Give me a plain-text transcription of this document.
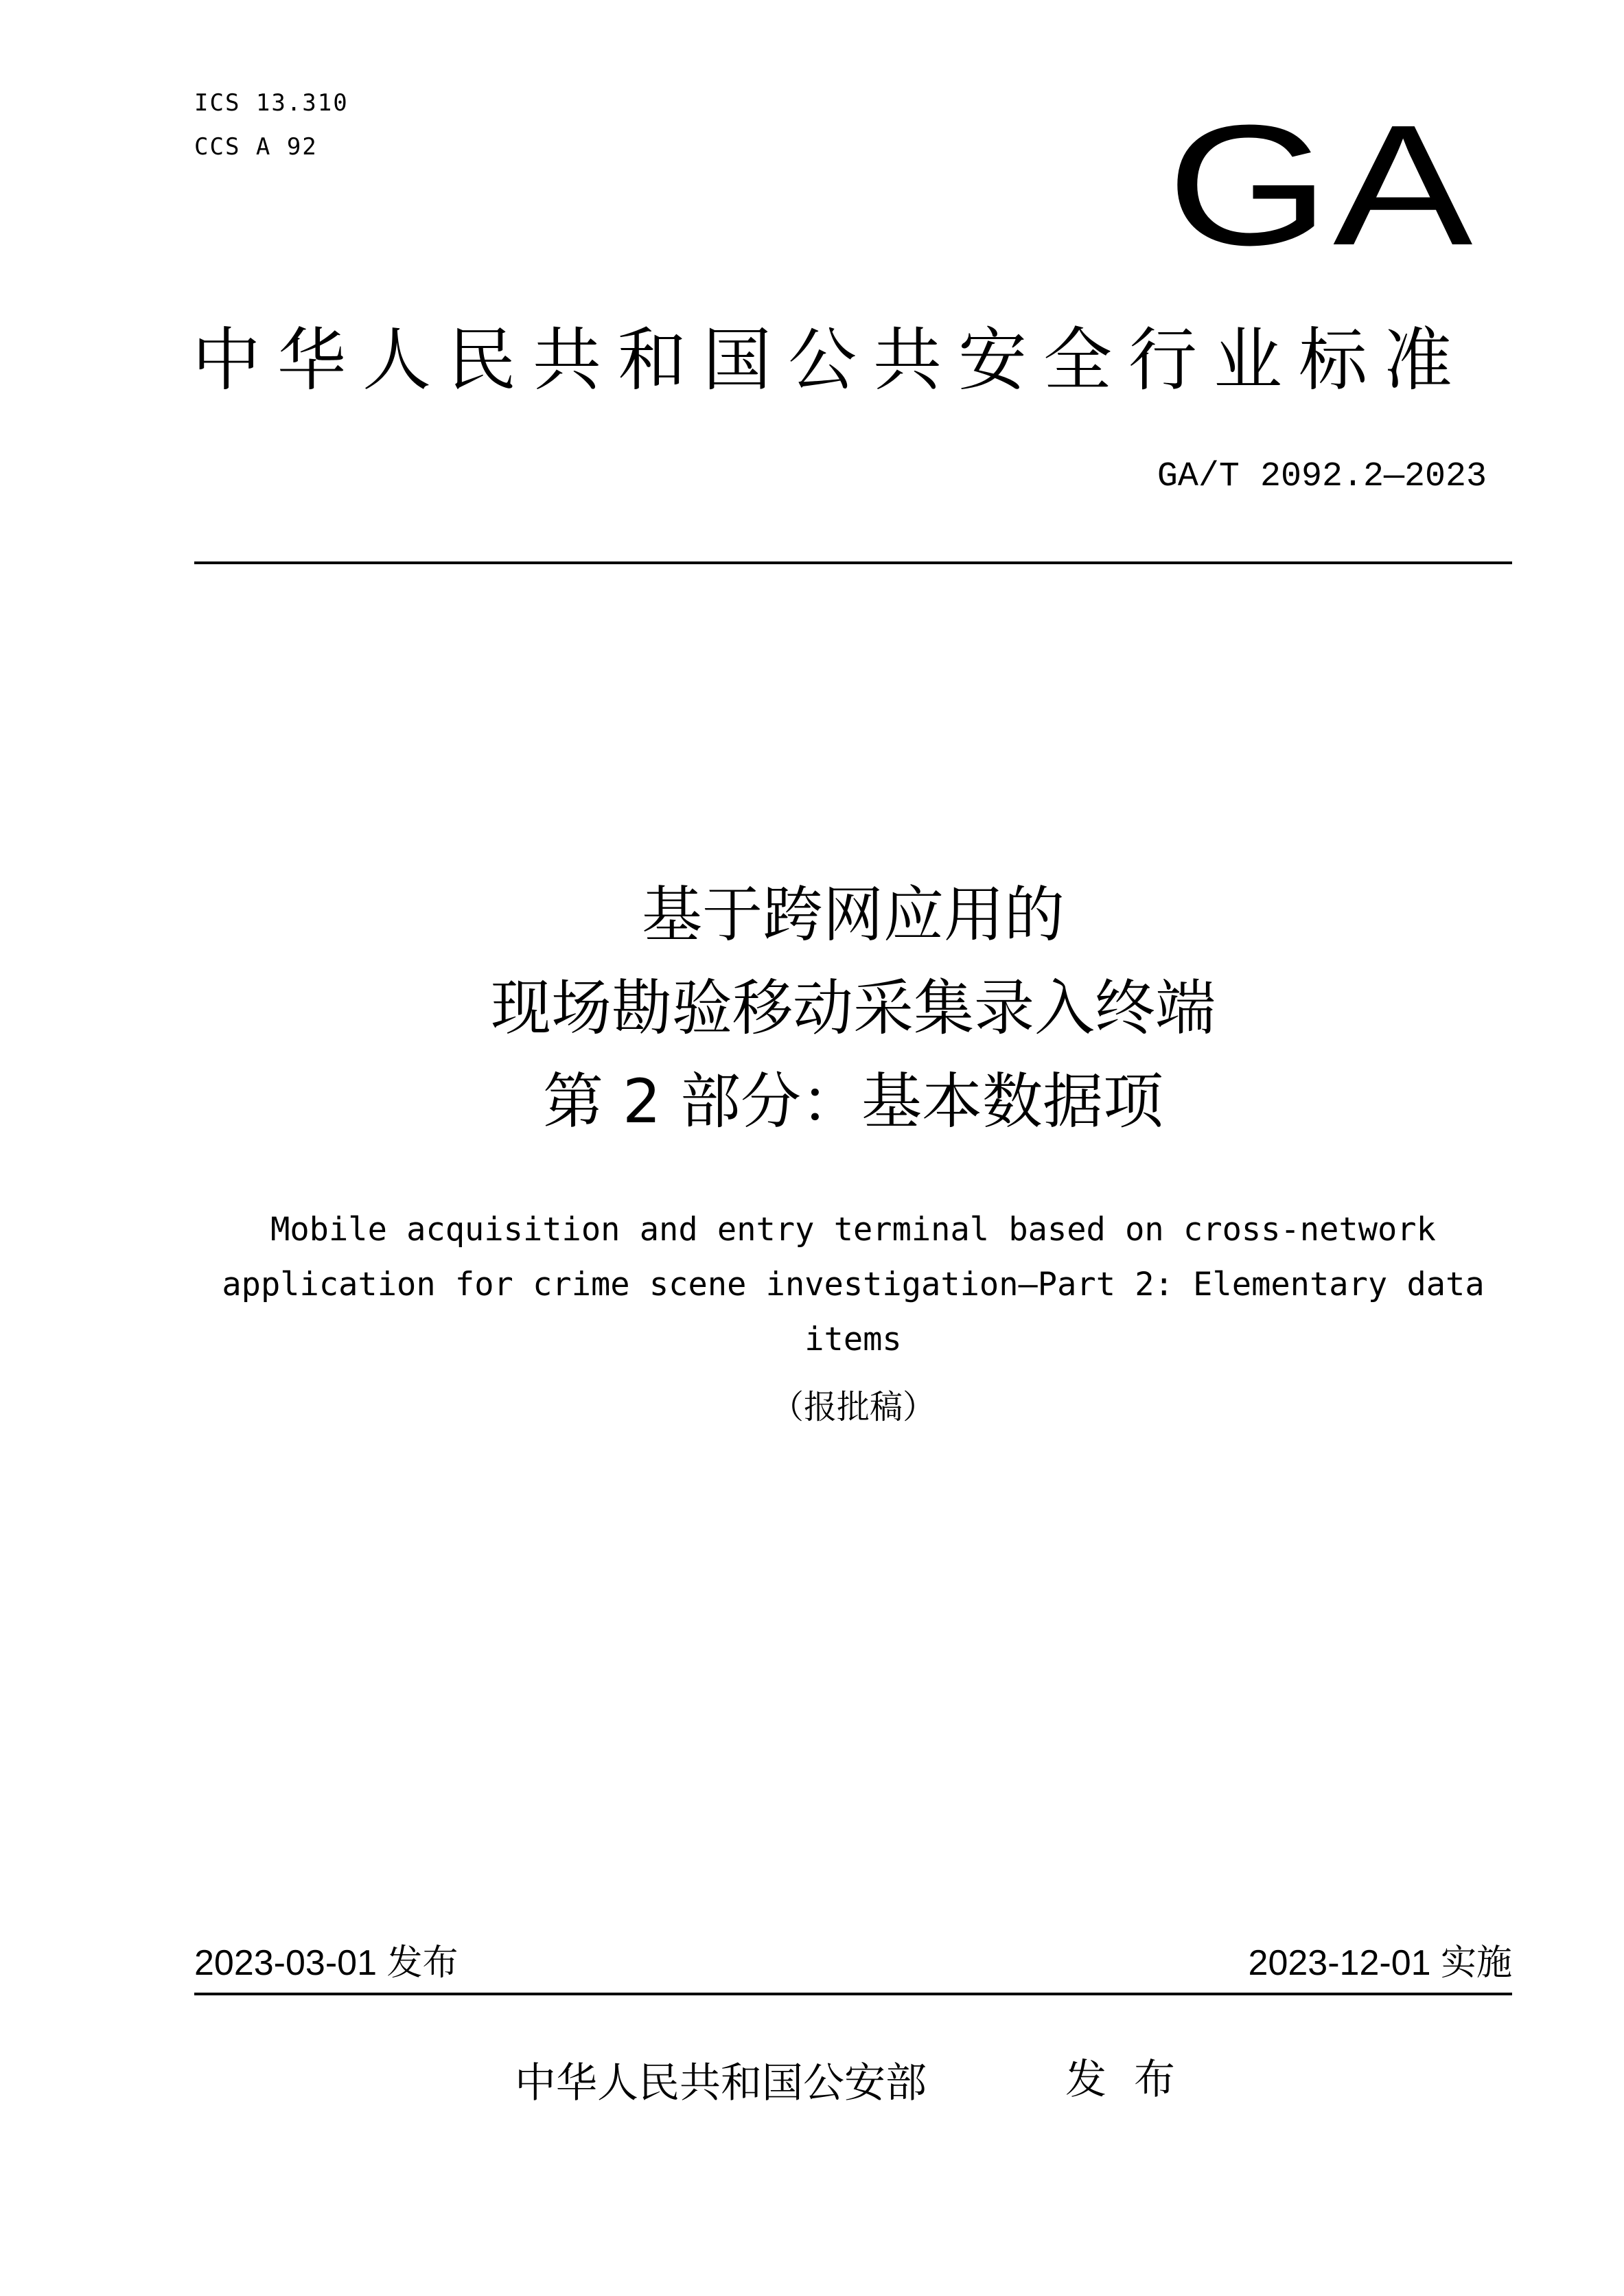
ICS 13.310
CCS A 92	GA
中华人民共和国公共安全行业标准
GA/T 2092.2—2023
基于跨网应用的
现场勘验移动采集录入终端
第 2 部分：基本数据项
Mobile acquisition and entry terminal based on cross-network
application for crime scene investigation—Part 2: Elementary data
items
（报批稿）
2023-03-01 发布	2023-12-01 实施
中华人民共和国公安部	发布
